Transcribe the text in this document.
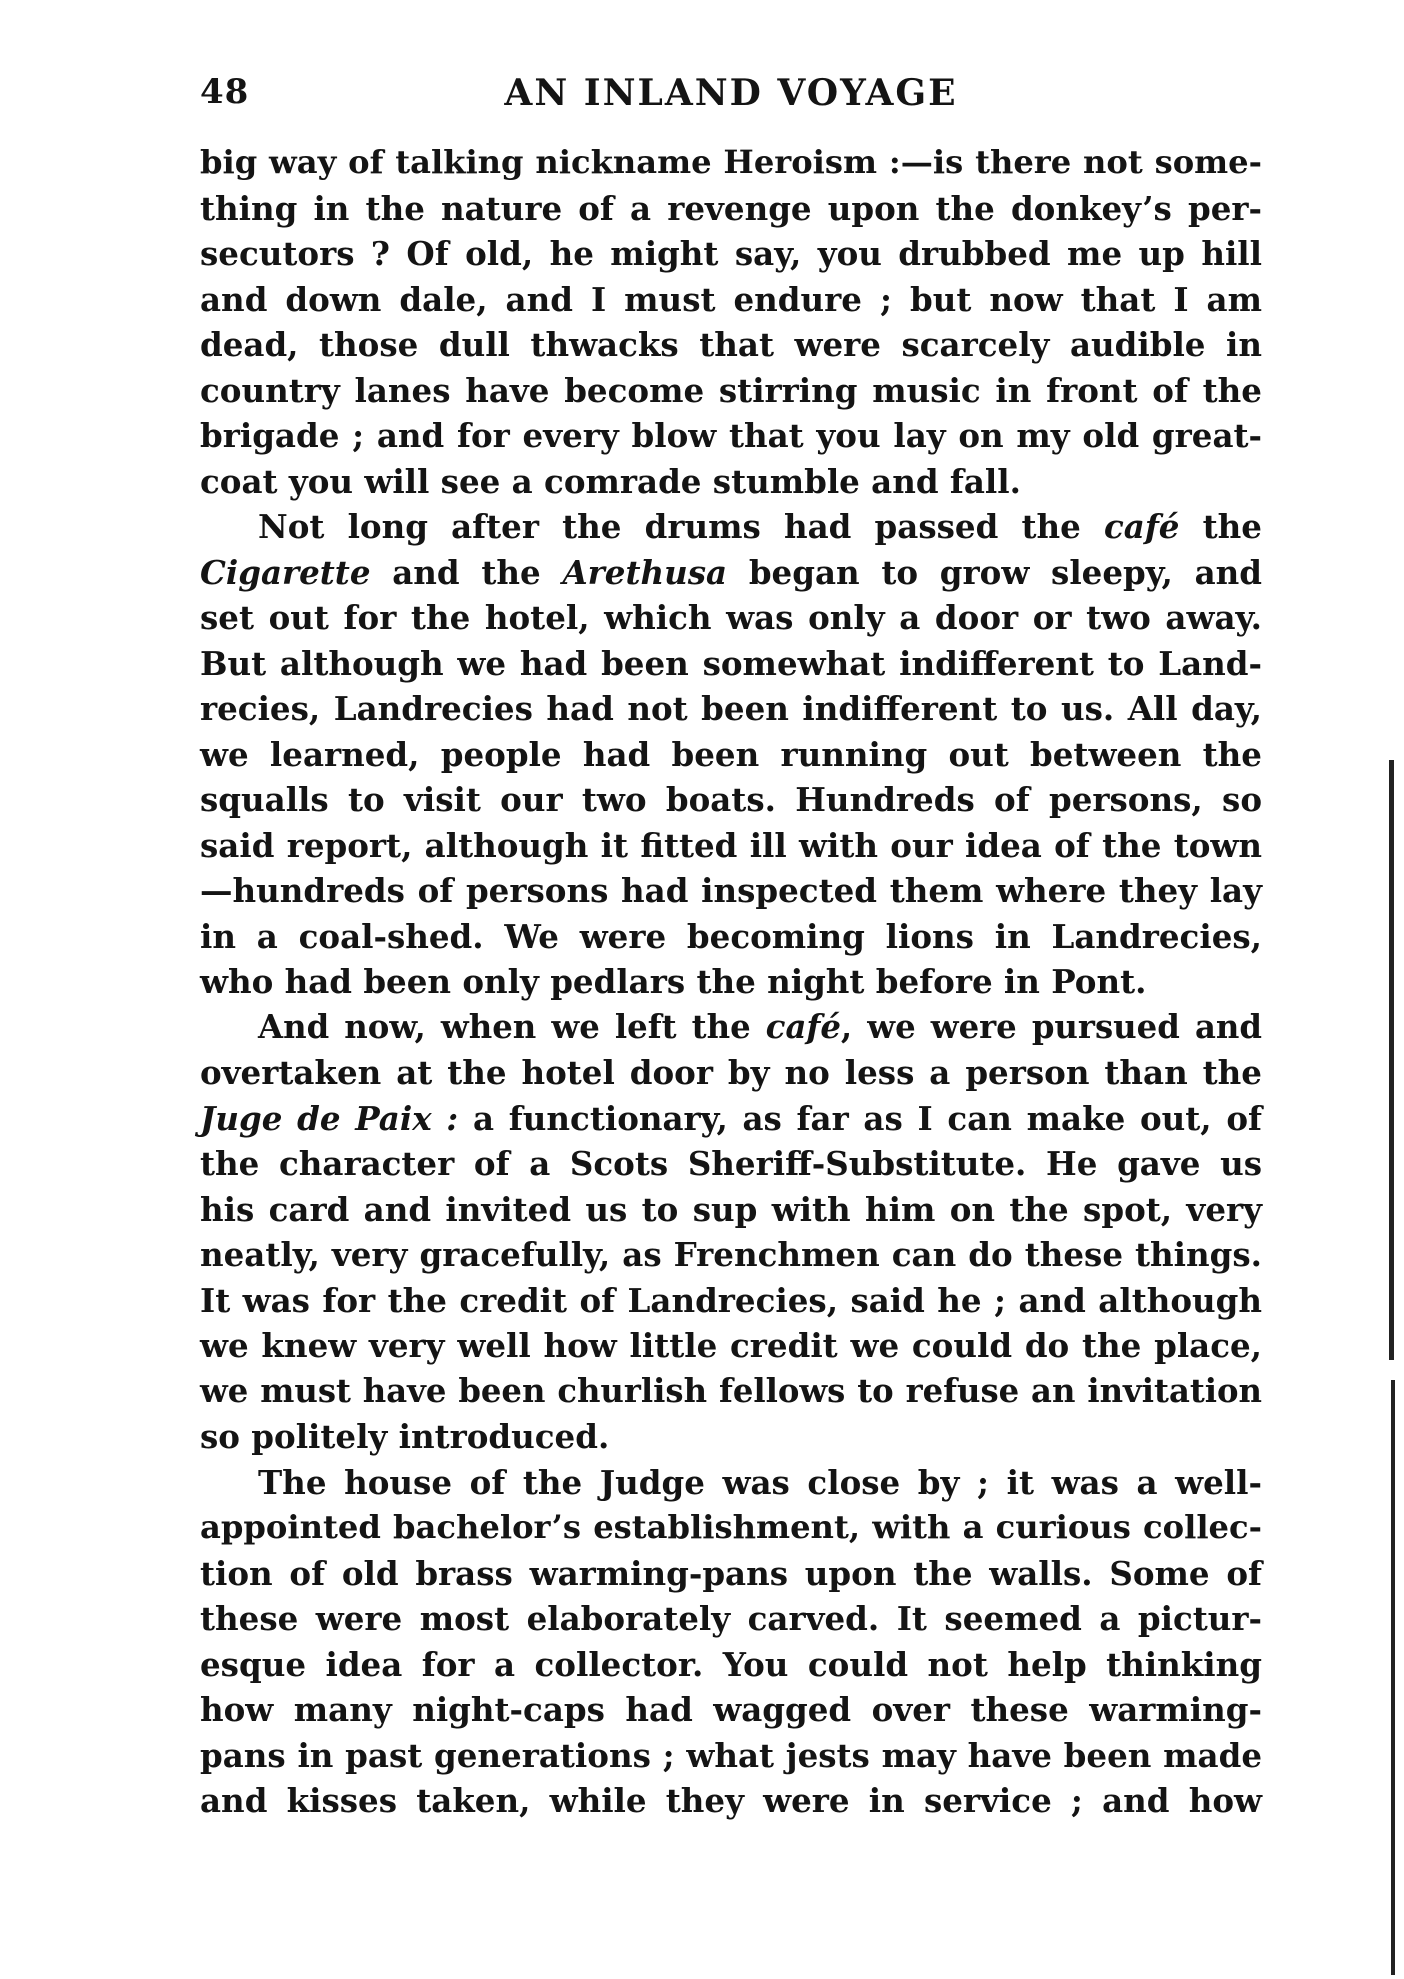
48	AN INLAND VOYAGE
big way of talking nickname Heroism :—is there not some-
thing in the nature of a revenge upon the donkey’s per-
secutors ? Of old, he might say, you drubbed me up hill
and down dale, and I must endure ; but now that I am
dead, those dull thwacks that were scarcely audible in
country lanes have become stirring music in front of the
brigade ; and for every blow that you lay on my old great-
coat you will see a comrade stumble and fall.
Not long after the drums had passed the café the
Cigarette and the Arethusa began to grow sleepy, and
set out for the hotel, which was only a door or two away.
But although we had been somewhat indifferent to Land-
recies, Landrecies had not been indifferent to us. All day,
we learned, people had been running out between the
squalls to visit our two boats. Hundreds of persons, so
said report, although it fitted ill with our idea of the town
—hundreds of persons had inspected them where they lay
in a coal-shed. We were becoming lions in Landrecies,
who had been only pedlars the night before in Pont.
And now, when we left the café, we were pursued and
overtaken at the hotel door by no less a person than the
Juge de Paix : a functionary, as far as I can make out, of
the character of a Scots Sheriff-Substitute. He gave us
his card and invited us to sup with him on the spot, very
neatly, very gracefully, as Frenchmen can do these things.
It was for the credit of Landrecies, said he ; and although
we knew very well how little credit we could do the place,
we must have been churlish fellows to refuse an invitation
so politely introduced.
The house of the Judge was close by ; it was a well-
appointed bachelor’s establishment, with a curious collec-
tion of old brass warming-pans upon the walls. Some of
these were most elaborately carved. It seemed a pictur-
esque idea for a collector. You could not help thinking
how many night-caps had wagged over these warming-
pans in past generations ; what jests may have been made
and kisses taken, while they were in service ; and how
